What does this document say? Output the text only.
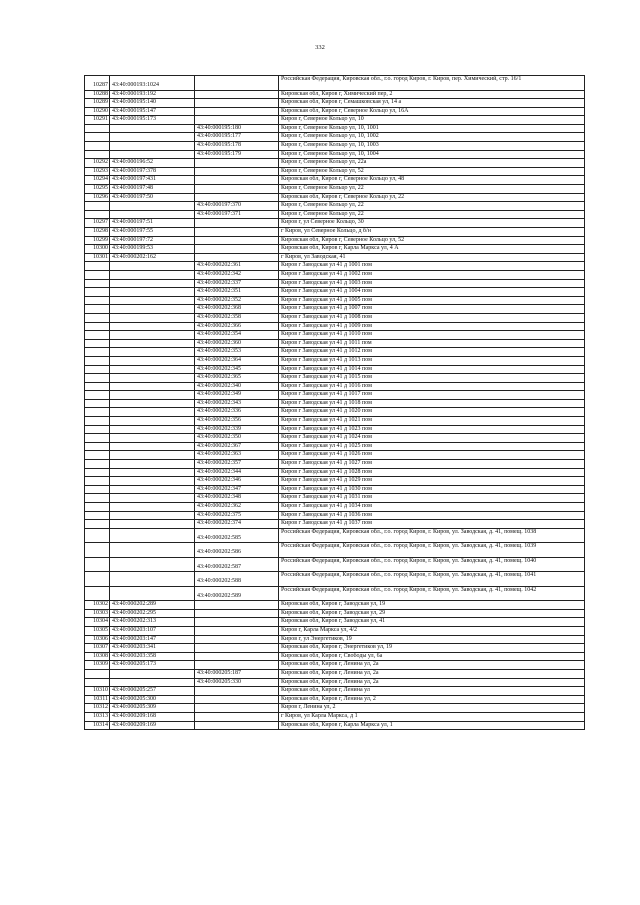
332
10287	43:40:000193:1024		Российская Федерация, Кировская обл., г.о. город Киров, г. Киров, пер. Химический, стр. 16/1
10288	43:40:000193:192		Кировская обл, Киров г, Химический пер, 2
10289	43:40:000195:140		Кировская обл, Киров г, Семашковская ул, 14 а
10290	43:40:000195:147		Кировская обл, Киров г, Северное Кольцо ул, 16А
10291	43:40:000195:173		Киров г, Северное Кольцо ул, 10
		43:40:000195:180	Киров г, Северное Кольцо ул, 10, 1001
		43:40:000195:177	Киров г, Северное Кольцо ул, 10, 1002
		43:40:000195:178	Киров г, Северное Кольцо ул, 10, 1003
		43:40:000195:179	Киров г, Северное Кольцо ул, 10, 1004
10292	43:40:000196:52		Киров г, Северное Кольцо ул, 22а
10293	43:40:000197:378		Киров г, Северное Кольцо ул, 52
10294	43:40:000197:431		Кировская обл, Киров г, Северное Кольцо ул, 48
10295	43:40:000197:48		Киров г, Северное Кольцо ул, 22
10296	43:40:000197:50		Кировская обл, Киров г, Северное Кольцо ул, 22
		43:40:000197:370	Киров г, Северное Кольцо ул, 22
		43:40:000197:371	Киров г, Северное Кольцо ул, 22
10297	43:40:000197:51		Киров г, ул Северное Кольцо, 30
10298	43:40:000197:55		г Киров, ул Северное Кольцо, д б/н
10299	43:40:000197:72		Кировская обл, Киров г, Северное Кольцо ул, 52
10300	43:40:000199:53		Кировская обл, Киров г, Карла Маркса ул, 4 А
10301	43:40:000202:162		г Киров, ул Заводская, 41
		43:40:000202:361	Киров г Заводская ул 41 д 1001 пом
		43:40:000202:342	Киров г Заводская ул 41 д 1002 пом
		43:40:000202:337	Киров г Заводская ул 41 д 1003 пом
		43:40:000202:351	Киров г Заводская ул 41 д 1004 пом
		43:40:000202:352	Киров г Заводская ул 41 д 1005 пом
		43:40:000202:368	Киров г Заводская ул 41 д 1007 пом
		43:40:000202:358	Киров г Заводская ул 41 д 1008 пом
		43:40:000202:366	Киров г Заводская ул 41 д 1009 пом
		43:40:000202:354	Киров г Заводская ул 41 д 1010 пом
		43:40:000202:360	Киров г Заводская ул 41 д 1011 пом
		43:40:000202:353	Киров г Заводская ул 41 д 1012 пом
		43:40:000202:364	Киров г Заводская ул 41 д 1013 пом
		43:40:000202:345	Киров г Заводская ул 41 д 1014 пом
		43:40:000202:365	Киров г Заводская ул 41 д 1015 пом
		43:40:000202:340	Киров г Заводская ул 41 д 1016 пом
		43:40:000202:349	Киров г Заводская ул 41 д 1017 пом
		43:40:000202:343	Киров г Заводская ул 41 д 1018 пом
		43:40:000202:336	Киров г Заводская ул 41 д 1020 пом
		43:40:000202:356	Киров г Заводская ул 41 д 1021 пом
		43:40:000202:339	Киров г Заводская ул 41 д 1023 пом
		43:40:000202:350	Киров г Заводская ул 41 д 1024 пом
		43:40:000202:367	Киров г Заводская ул 41 д 1025 пом
		43:40:000202:363	Киров г Заводская ул 41 д 1026 пом
		43:40:000202:357	Киров г Заводская ул 41 д 1027 пом
		43:40:000202:344	Киров г Заводская ул 41 д 1028 пом
		43:40:000202:346	Киров г Заводская ул 41 д 1029 пом
		43:40:000202:347	Киров г Заводская ул 41 д 1030 пом
		43:40:000202:348	Киров г Заводская ул 41 д 1031 пом
		43:40:000202:362	Киров г Заводская ул 41 д 1034 пом
		43:40:000202:375	Киров г Заводская ул 41 д 1036 пом
		43:40:000202:374	Киров г Заводская ул 41 д 1037 пом
		43:40:000202:585	Российская Федерация, Кировская обл., г.о. город Киров, г. Киров, ул. Заводская, д. 41, помещ. 1038
		43:40:000202:586	Российская Федерация, Кировская обл., г.о. город Киров, г. Киров, ул. Заводская, д. 41, помещ. 1039
		43:40:000202:587	Российская Федерация, Кировская обл., г.о. город Киров, г. Киров, ул. Заводская, д. 41, помещ. 1040
		43:40:000202:588	Российская Федерация, Кировская обл., г.о. город Киров, г. Киров, ул. Заводская, д. 41, помещ. 1041
		43:40:000202:589	Российская Федерация, Кировская обл., г.о. город Киров, г. Киров, ул. Заводская, д. 41, помещ. 1042
10302	43:40:000202:289		Кировская обл, Киров г, Заводская ул, 19
10303	43:40:000202:295		Кировская обл, Киров г, Заводская ул, 29
10304	43:40:000202:313		Кировская обл, Киров г, Заводская ул, 41
10305	43:40:000203:107		Киров г, Карла Маркса ул, 4/2
10306	43:40:000203:147		Киров г, ул Энергетиков, 19
10307	43:40:000203:341		Кировская обл, Киров г, Энергетиков ул, 19
10308	43:40:000203:358		Кировская обл, Киров г, Свободы ул, 6а
10309	43:40:000205:173		Кировская обл, Киров г, Ленина ул, 2а
		43:40:000205:187	Кировская обл, Киров г, Ленина ул, 2а
		43:40:000205:330	Кировская обл, Киров г, Ленина ул, 2а
10310	43:40:000205:257		Кировская обл, Киров г, Ленина ул
10311	43:40:000205:300		Кировская обл, Киров г, Ленина ул, 2
10312	43:40:000205:309		Киров г, Ленина ул, 2
10313	43:40:000209:168		г Киров, ул Карла Маркса, д 1
10314	43:40:000209:169		Кировская обл, Киров г, Карла Маркса ул, 1
